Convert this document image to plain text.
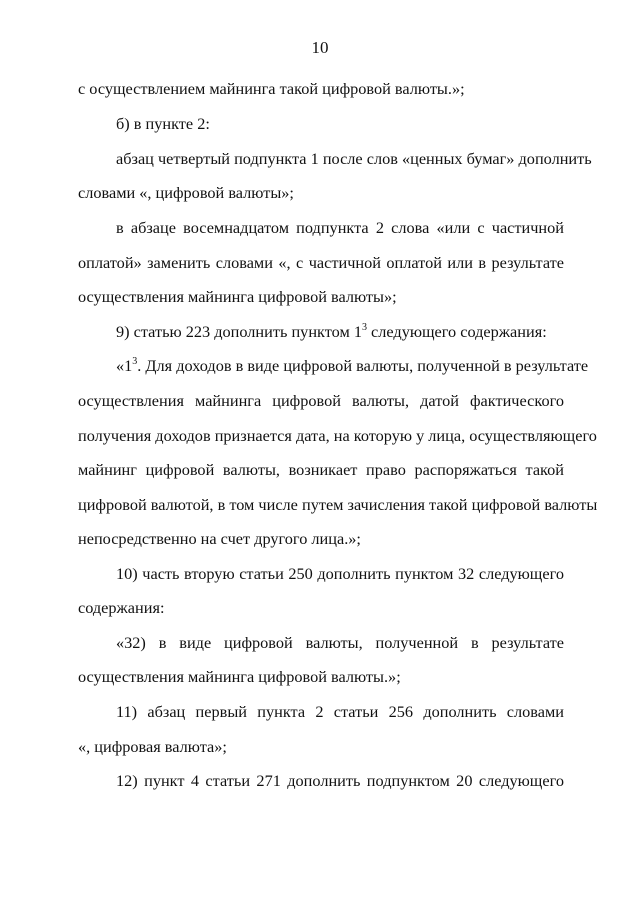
10
с осуществлением майнинга такой цифровой валюты.»;
б) в пункте 2:
абзац четвертый подпункта 1 после слов «ценных бумаг» дополнить
словами «, цифровой валюты»;
в абзаце восемнадцатом подпункта 2 слова «или с частичной
оплатой» заменить словами «, с частичной оплатой или в результате
осуществления майнинга цифровой валюты»;
9) статью 223 дополнить пунктом $1^3$ следующего содержания:
«$1^3$. Для доходов в виде цифровой валюты, полученной в результате
осуществления майнинга цифровой валюты, датой фактического
получения доходов признается дата, на которую у лица, осуществляющего
майнинг цифровой валюты, возникает право распоряжаться такой
цифровой валютой, в том числе путем зачисления такой цифровой валюты
непосредственно на счет другого лица.»;
10) часть вторую статьи 250 дополнить пунктом 32 следующего
содержания:
«32) в виде цифровой валюты, полученной в результате
осуществления майнинга цифровой валюты.»;
11) абзац первый пункта 2 статьи 256 дополнить словами
«, цифровая валюта»;
12) пункт 4 статьи 271 дополнить подпунктом 20 следующего
